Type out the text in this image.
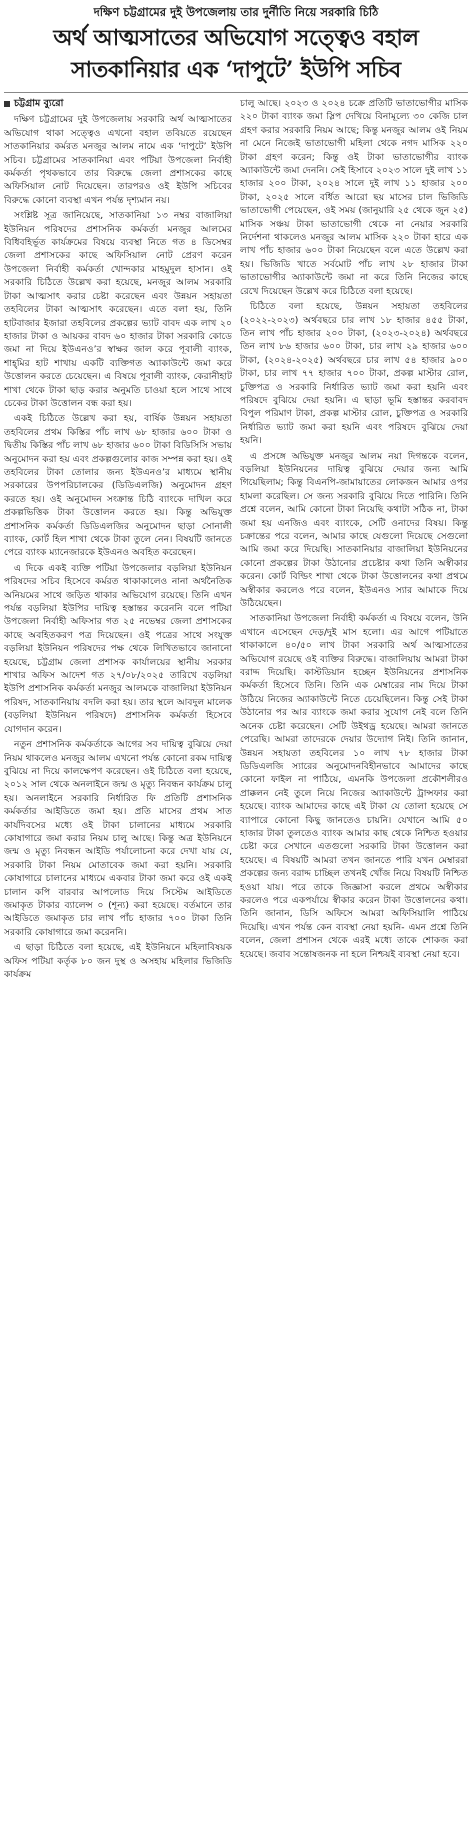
দক্ষিণ চট্টগ্রামের দুই উপজেলায় তার দুর্নীতি নিয়ে সরকারি চিঠি
অর্থ আত্মসাতের অভিযোগ সত্ত্বেও বহাল
সাতকানিয়ার এক ‘দাপুটে’ ইউপি সচিব
চট্টগ্রাম ব্যুরো

দক্ষিণ চট্টগ্রামের দুই উপজেলায় সরকারি অর্থ আত্মসাতের অভিযোগ থাকা সত্ত্বেও এখনো বহাল তবিয়তে রয়েছেন সাতকানিয়ার কর্মরত মনজুর আলম নামে এক ‘দাপুটে’ ইউপি সচিব। চট্টগ্রামের সাতকানিয়া এবং পটিয়া উপজেলা নির্বাহী কর্মকর্তা পৃথকভাবে তার বিরুদ্ধে জেলা প্রশাসকের কাছে অফিসিয়াল নোট দিয়েছেন। তারপরও ওই ইউপি সচিবের বিরুদ্ধে কোনো ব্যবস্থা এখন পর্যন্ত দৃশ্যমান নয়।

সংশ্লিষ্ট সূত্র জানিয়েছে, সাতকানিয়া ১৩ নম্বর বাজালিয়া ইউনিয়ন পরিষদের প্রশাসনিক কর্মকর্তা মনজুর আলমের বিধিবহির্ভূত কার্যক্রমের বিষয়ে ব্যবস্থা নিতে গত ৪ ডিসেম্বর জেলা প্রশাসকের কাছে অফিসিয়াল নোট প্রেরণ করেন উপজেলা নির্বাহী কর্মকর্তা খোন্দকার মাহমুদুল হাসান। ওই সরকারি চিঠিতে উল্লেখ করা হয়েছে, মনজুর আলম সরকারি টাকা আত্মসাৎ করার চেষ্টা করেছেন এবং উন্নয়ন সহায়তা তহবিলের টাকা আত্মসাৎ করেছেন। এতে বলা হয়, তিনি হাটবাজার ইজারা তহবিলের প্রকল্পের ভ্যাট বাবদ এক লাখ ২০ হাজার টাকা ও আয়কর বাবদ ৬০ হাজার টাকা সরকারি কোডে জমা না দিয়ে ইউএনও’র স্বাক্ষর জাল করে পূবালী ব্যাংক, শাহ্‌মির হাট শাখায় একটি ব্যক্তিগত অ্যাকাউন্টে জমা করে উত্তোলন করতে চেয়েছেন। এ বিষয়ে পূবালী ব্যাংক, কেরানীহাট শাখা থেকে টাকা ছাড় করার অনুমতি চাওয়া হলে সাথে সাথে চেকের টাকা উত্তোলন বন্ধ করা হয়।

একই চিঠিতে উল্লেখ করা হয়, বার্ষিক উন্নয়ন সহায়তা তহবিলের প্রথম কিস্তির পাঁচ লাখ ৬৮ হাজার ৬০০ টাকা ও দ্বিতীয় কিস্তির পাঁচ লাখ ৬৮ হাজার ৬০০ টাকা বিডিসিসি সভায় অনুমোদন করা হয় এবং প্রকল্পগুলোর কাজ সম্পন্ন করা হয়। ওই তহবিলের টাকা তোলার জন্য ইউএনও’র মাধ্যমে স্থানীয় সরকারের উপপরিচালকের (ডিডিএলজি) অনুমোদন গ্রহণ করতে হয়। ওই অনুমোদন সংক্রান্ত চিঠি ব্যাংকে দাখিল করে প্রকল্পভিত্তিক টাকা উত্তোলন করতে হয়। কিন্তু অভিযুক্ত প্রশাসনিক কর্মকর্তা ডিডিএলজির অনুমোদন ছাড়া সোনালী ব্যাংক, কোর্ট হিল শাখা থেকে টাকা তুলে নেন। বিষয়টি জানতে পেরে ব্যাংক ম্যানেজারকে ইউএনও অবহিত করেছেন।

এ দিকে একই ব্যক্তি পটিয়া উপজেলার বড়লিয়া ইউনিয়ন পরিষদের সচিব হিসেবে কর্মরত থাকাকালেও নানা অর্থনৈতিক অনিয়মের সাথে জড়িত থাকার অভিযোগ রয়েছে। তিনি এখন পর্যন্ত বড়লিয়া ইউপির দায়িত্ব হস্তান্তর করেননি বলে পটিয়া উপজেলা নির্বাহী অফিসার গত ২৫ নভেম্বর জেলা প্রশাসকের কাছে অবহিতকরণ পত্র দিয়েছেন। ওই পত্রের সাথে সংযুক্ত বড়লিয়া ইউনিয়ন পরিষদের পক্ষ থেকে লিখিতভাবে জানানো হয়েছে, চট্টগ্রাম জেলা প্রশাসক কার্যালয়ের স্থানীয় সরকার শাখার অফিস আদেশ গত ২৭/০৮/২০২৫ তারিখে বড়লিয়া ইউপি প্রশাসনিক কর্মকর্তা মনজুর আলমকে বাজালিয়া ইউনিয়ন পরিষদ, সাতকানিয়ায় বদলি করা হয়। তার স্থলে আবদুল মালেক (বড়লিয়া ইউনিয়ন পরিষদে) প্রশাসনিক কর্মকর্তা হিসেবে যোগদান করেন।

নতুন প্রশাসনিক কর্মকর্তাকে আগের সব দায়িত্ব বুঝিয়ে দেয়া নিয়ম থাকলেও মনজুর আলম এখনো পর্যন্ত কোনো রকম দায়িত্ব বুঝিয়ে না দিয়ে কালক্ষেপণ করেছেন। ওই চিঠিতে বলা হয়েছে, ২০১২ সাল থেকে অনলাইনে জন্ম ও মৃত্যু নিবন্ধন কার্যক্রম চালু হয়। অনলাইনে সরকারি নির্ধারিত ফি প্রতিটি প্রশাসনিক কর্মকর্তার আইডিতে জমা হয়। প্রতি মাসের প্রথম সাত কার্যদিবসের মধ্যে ওই টাকা চালানের মাধ্যমে সরকারি কোষাগারে জমা করার নিয়ম চালু আছে। কিন্তু অত্র ইউনিয়নে জন্ম ও মৃত্যু নিবন্ধন আইডি পর্যালোচনা করে দেখা যায় যে, সরকারি টাকা নিয়ম মোতাবেক জমা করা হয়নি। সরকারি কোষাগারে চালানের মাধ্যমে একবার টাকা জমা করে ওই একই চালান কপি বারবার আপলোড দিয়ে সিস্টেম আইডিতে জমাকৃত টাকার ব্যালেন্স ০ (শূন্য) করা হয়েছে। বর্তমানে তার আইডিতে জমাকৃত চার লাখ পাঁচ হাজার ৭০০ টাকা তিনি সরকারি কোষাগারে জমা করেননি।

এ ছাড়া চিঠিতে বলা হয়েছে, এই ইউনিয়নে মহিলাবিষয়ক অফিস পটিয়া কর্তৃক ৮০ জন দুস্থ ও অসহায় মহিলার ভিজিডি কার্যক্রম

চালু আছে। ২০২৩ ও ২০২৪ চক্রে প্রতিটি ভাতাভোগীর মাসিক ২২০ টাকা ব্যাংক জমা স্লিপ দেখিয়ে বিনামূল্যে ৩০ কেজি চাল গ্রহণ করার সরকারি নিয়ম আছে; কিন্তু মনজুর আলম ওই নিয়ম না মেনে নিজেই ভাতাভোগী মহিলা থেকে নগদ মাসিক ২২০ টাকা গ্রহণ করেন; কিন্তু ওই টাকা ভাতাভোগীর ব্যাংক অ্যাকাউন্টে জমা দেননি। সেই হিসাবে ২০২৩ সালে দুই লাখ ১১ হাজার ২০০ টাকা, ২০২৪ সালে দুই লাখ ১১ হাজার ২০০ টাকা, ২০২৫ সালে বর্ধিত আরো ছয় মাসের চাল ভিজিডি ভাতাভোগী পেয়েছেন, ওই সময় (জানুয়ারি ২৫ থেকে জুন ২৫) মাসিক সঞ্চয় টাকা ভাতাভোগী থেকে না নেয়ার সরকারি নির্দেশনা থাকলেও মনজুর আলম মাসিক ২২০ টাকা হারে এক লাখ পাঁচ হাজার ৬০০ টাকা নিয়েছেন বলে এতে উল্লেখ করা হয়। ভিজিডি খাতে সর্বমোট পাঁচ লাখ ২৮ হাজার টাকা ভাতাভোগীর অ্যাকাউন্টে জমা না করে তিনি নিজের কাছে রেখে দিয়েছেন উল্লেখ করে চিঠিতে বলা হয়েছে।

চিঠিতে বলা হয়েছে, উন্নয়ন সহায়তা তহবিলের (২০২২-২০২৩) অর্থবছরে চার লাখ ১৮ হাজার ৪৫৫ টাকা, তিন লাখ পাঁচ হাজার ২০০ টাকা, (২০২৩-২০২৪) অর্থবছরে তিন লাখ ৮৬ হাজার ৬০০ টাকা, চার লাখ ২৯ হাজার ৬০০ টাকা, (২০২৪-২০২৫) অর্থবছরে চার লাখ ৫৪ হাজার ৯০০ টাকা, চার লাখ ৭৭ হাজার ৭০০ টাকা, প্রকল্প মাস্টার রোল, চুক্তিপত্র ও সরকারি নির্ধারিত ভ্যাট জমা করা হয়নি এবং পরিষদে বুঝিয়ে দেয়া হয়নি। এ ছাড়া ভূমি হস্তান্তর করবাবদ বিপুল পরিমাণ টাকা, প্রকল্প মাস্টার রোল, চুক্তিপত্র ও সরকারি নির্ধারিত ভ্যাট জমা করা হয়নি এবং পরিষদে বুঝিয়ে দেয়া হয়নি।

এ প্রসঙ্গে অভিযুক্ত মনজুর আলম নয়া দিগন্তকে বলেন, বড়লিয়া ইউনিয়নের দায়িত্ব বুঝিয়ে দেয়ার জন্য আমি গিয়েছিলাম; কিন্তু বিএনপি-জামায়াতের লোকজন আমার ওপর হামলা করেছিল। সে জন্য সরকারি বুঝিয়ে দিতে পারিনি। তিনি প্রশ্নে বলেন, আমি কোনো টাকা নিয়েছি কথাটা সঠিক না, টাকা জমা হয় এনজিও এবং ব্যাংকে, সেটি ওনাদের বিষয়। কিন্তু চক্রান্তের পরে বলেন, আমার কাছে যেগুলো দিয়েছে সেগুলো আমি জমা করে দিয়েছি। সাতকানিয়ার বাজালিয়া ইউনিয়নের কোনো প্রকল্পের টাকা উঠানোর প্রচেষ্টার কথা তিনি অস্বীকার করেন। কোর্ট বিল্ডিং শাখা থেকে টাকা উত্তোলনের কথা প্রথমে অস্বীকার করলেও পরে বলেন, ইউএনও স্যার আমাকে দিয়ে উঠিয়েছেন।

সাতকানিয়া উপজেলা নির্বাহী কর্মকর্তা এ বিষয়ে বলেন, উনি এখানে এসেছেন দেড়/দুই মাস হলো। এর আগে পটিয়াতে থাকাকালে ৪০/৫০ লাখ টাকা সরকারি অর্থ আত্মসাতের অভিযোগ রয়েছে ওই ব্যক্তির বিরুদ্ধে। বাজালিয়ায় আমরা টাকা বরাদ্দ দিয়েছি। কাস্টডিয়ান হচ্ছেন ইউনিয়নের প্রশাসনিক কর্মকর্তা হিসেবে তিনি। তিনি এক মেম্বারের নাম দিয়ে টাকা উঠিয়ে নিজের অ্যাকাউন্টে নিতে চেয়েছিলেন। কিন্তু সেই টাকা উঠানোর পর আর ব্যাংকে জমা করার সুযোগ নেই বলে তিনি অনেক চেষ্টা করেছেন। সেটি উইথড্র হয়েছে। আমরা জানতে পেরেছি। আমরা তাদেরকে দেয়ার উদ্যোগ নিই। তিনি জানান, উন্নয়ন সহায়তা তহবিলের ১০ লাখ ৭৮ হাজার টাকা ডিডিএলজি স্যারের অনুমোদনবিহীনভাবে আমাদের কাছে কোনো ফাইল না পাঠিয়ে, এমনকি উপজেলা প্রকৌশলীরও প্রাক্কলন নেই তুলে নিয়ে নিজের অ্যাকাউন্টে ট্রান্সফার করা হয়েছে। ব্যাংক আমাদের কাছে এই টাকা যে তোলা হয়েছে সে ব্যাপারে কোনো কিছু জানতেও চায়নি। যেখানে আমি ৫০ হাজার টাকা তুলতেও ব্যাংক আমার কাছ থেকে নিশ্চিত হওয়ার চেষ্টা করে সেখানে এতগুলো সরকারি টাকা উত্তোলন করা হয়েছে। এ বিষয়টি আমরা তখন জানতে পারি যখন মেম্বাররা প্রকল্পের জন্য বরাদ্দ চাচ্ছিল তখনই খোঁজ নিয়ে বিষয়টি নিশ্চিত হওয়া যায়। পরে তাকে জিজ্ঞাসা করলে প্রথমে অস্বীকার করলেও পরে একপর্যায়ে স্বীকার করেন টাকা উত্তোলনের কথা। তিনি জানান, ডিসি অফিসে আমরা অফিসিয়ালি পাঠিয়ে দিয়েছি। এখন পর্যন্ত কেন ব্যবস্থা নেয়া হয়নি- এমন প্রশ্নে তিনি বলেন, জেলা প্রশাসন থেকে এরই মধ্যে তাকে শোকজ করা হয়েছে। জবাব সন্তোষজনক না হলে নিশ্চয়ই ব্যবস্থা নেয়া হবে।
